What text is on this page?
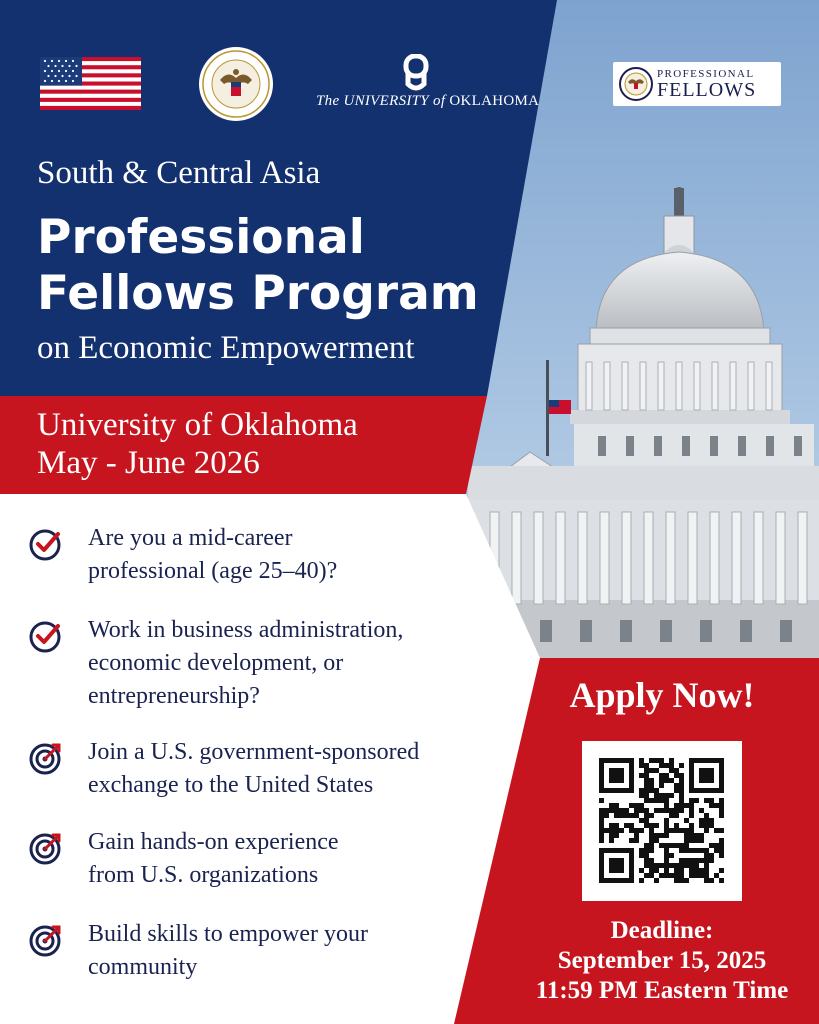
The UNIVERSITY of OKLAHOMA
PROFESSIONAL
FELLOWS
South & Central Asia
Professional
Fellows Program
on Economic Empowerment
University of Oklahoma
May - June 2026
Are you a mid-career
professional (age 25–40)?
Work in business administration,
economic development, or
entrepreneurship?
Join a U.S. government-sponsored
exchange to the United States
Gain hands-on experience
from U.S. organizations
Build skills to empower your
community
Apply Now!
Deadline:
September 15, 2025
11:59 PM Eastern Time
